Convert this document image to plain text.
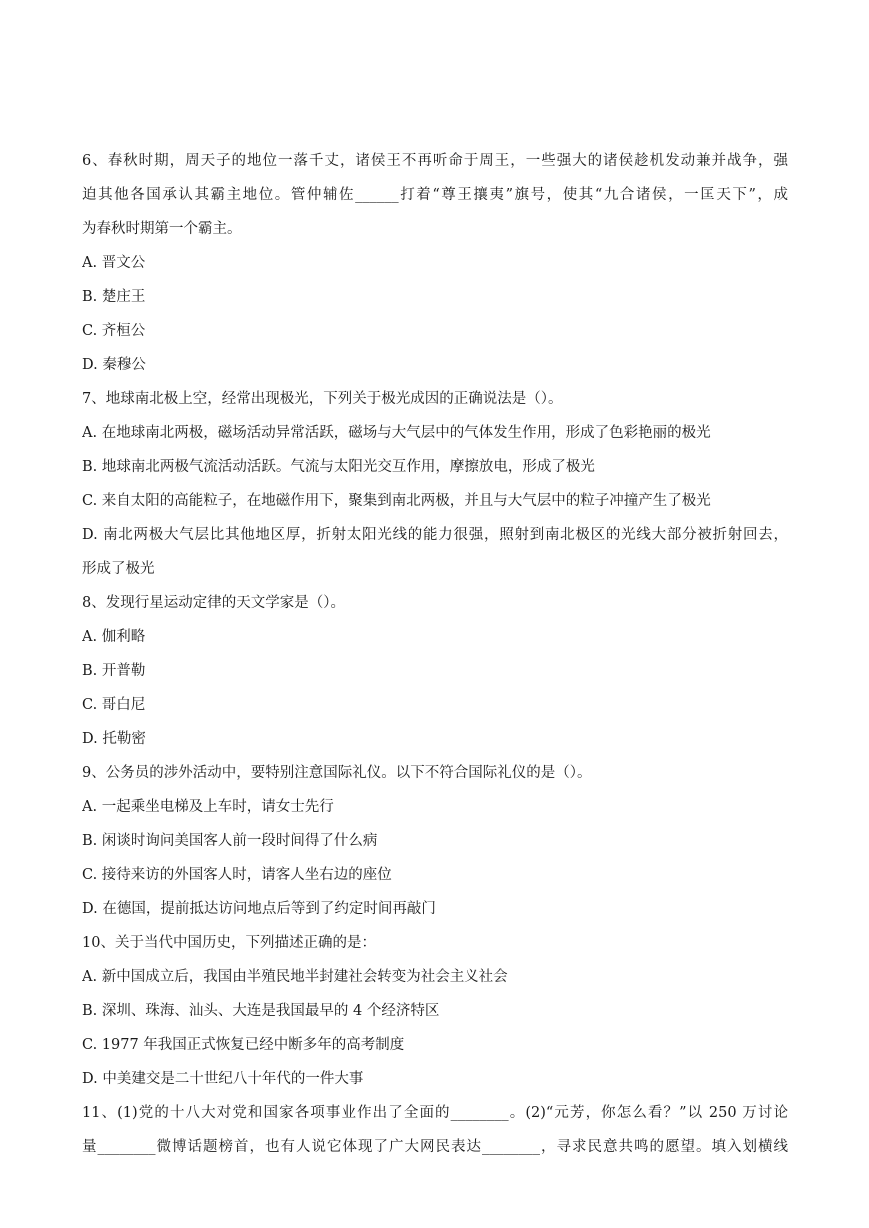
6、春秋时期，周天子的地位一落千丈，诸侯王不再听命于周王，一些强大的诸侯趁机发动兼并战争，强
迫其他各国承认其霸主地位。管仲辅佐______打着“尊王攘夷”旗号，使其“九合诸侯，一匡天下”，成
为春秋时期第一个霸主。
A. 晋文公
B. 楚庄王
C. 齐桓公
D. 秦穆公
7、地球南北极上空，经常出现极光，下列关于极光成因的正确说法是（）。
A. 在地球南北两极，磁场活动异常活跃，磁场与大气层中的气体发生作用，形成了色彩艳丽的极光
B. 地球南北两极气流活动活跃。气流与太阳光交互作用，摩擦放电，形成了极光
C. 来自太阳的高能粒子，在地磁作用下，聚集到南北两极，并且与大气层中的粒子冲撞产生了极光
D. 南北两极大气层比其他地区厚，折射太阳光线的能力很强，照射到南北极区的光线大部分被折射回去，
形成了极光
8、发现行星运动定律的天文学家是（）。
A. 伽利略
B. 开普勒
C. 哥白尼
D. 托勒密
9、公务员的涉外活动中，要特别注意国际礼仪。以下不符合国际礼仪的是（）。
A. 一起乘坐电梯及上车时，请女士先行
B. 闲谈时询问美国客人前一段时间得了什么病
C. 接待来访的外国客人时，请客人坐右边的座位
D. 在德国，提前抵达访问地点后等到了约定时间再敲门
10、关于当代中国历史，下列描述正确的是：
A. 新中国成立后，我国由半殖民地半封建社会转变为社会主义社会
B. 深圳、珠海、汕头、大连是我国最早的 4 个经济特区
C. 1977 年我国正式恢复已经中断多年的高考制度
D. 中美建交是二十世纪八十年代的一件大事
11、(1)党的十八大对党和国家各项事业作出了全面的________。(2)“元芳，你怎么看？”以 250 万讨论
量________微博话题榜首，也有人说它体现了广大网民表达________，寻求民意共鸣的愿望。填入划横线
